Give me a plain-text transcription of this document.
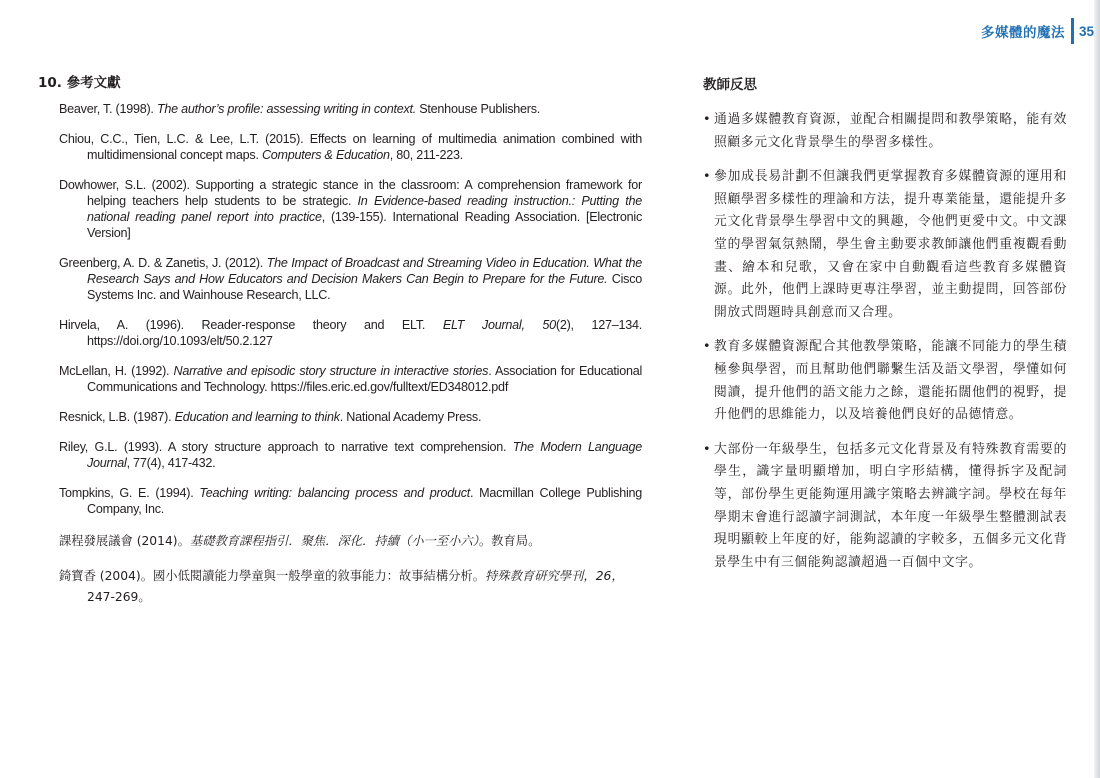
多媒體的魔法 35
10. 參考文獻

Beaver, T. (1998). The author’s profile: assessing writing in context. Stenhouse Publishers.

Chiou, C.C., Tien, L.C. & Lee, L.T. (2015). Effects on learning of multimedia animation combined with multidimensional concept maps. Computers & Education, 80, 211-223.

Dowhower, S.L. (2002). Supporting a strategic stance in the classroom: A comprehension framework for helping teachers help students to be strategic. In Evidence-based reading instruction.: Putting the national reading panel report into practice, (139-155). International Reading Association. [Electronic Version]

Greenberg, A. D. & Zanetis, J. (2012). The Impact of Broadcast and Streaming Video in Education. What the Research Says and How Educators and Decision Makers Can Begin to Prepare for the Future. Cisco Systems Inc. and Wainhouse Research, LLC.

Hirvela, A. (1996). Reader-response theory and ELT. ELT Journal, 50(2), 127–134. https://doi.org/10.1093/elt/50.2.127

McLellan, H. (1992). Narrative and episodic story structure in interactive stories. Association for Educational Communications and Technology. https://files.eric.ed.gov/fulltext/ED348012.pdf

Resnick, L.B. (1987). Education and learning to think. National Academy Press.

Riley, G.L. (1993). A story structure approach to narrative text comprehension. The Modern Language Journal, 77(4), 417-432.

Tompkins, G. E. (1994). Teaching writing: balancing process and product. Macmillan College Publishing Company, Inc.

課程發展議會 (2014)。基礎教育課程指引．聚焦．深化．持續（小一至小六）。教育局。

錡寶香 (2004)。國小低閱讀能力學童與一般學童的敘事能力：故事結構分析。特殊教育研究學刊，26，247-269。

教師反思
• 通過多媒體教育資源，並配合相關提問和教學策略，能有效照顧多元文化背景學生的學習多樣性。
• 參加成長易計劃不但讓我們更掌握教育多媒體資源的運用和照顧學習多樣性的理論和方法，提升專業能量，還能提升多元文化背景學生學習中文的興趣，令他們更愛中文。中文課堂的學習氣氛熱鬧，學生會主動要求教師讓他們重複觀看動畫、繪本和兒歌，又會在家中自動觀看這些教育多媒體資源。此外，他們上課時更專注學習，並主動提問，回答部份開放式問題時具創意而又合理。
• 教育多媒體資源配合其他教學策略，能讓不同能力的學生積極參與學習，而且幫助他們聯繫生活及語文學習，學懂如何閱讀，提升他們的語文能力之餘，還能拓闊他們的視野，提升他們的思維能力，以及培養他們良好的品德情意。
• 大部份一年級學生，包括多元文化背景及有特殊教育需要的學生，識字量明顯增加，明白字形結構，懂得拆字及配詞等，部份學生更能夠運用識字策略去辨識字詞。學校在每年學期末會進行認讀字詞測試，本年度一年級學生整體測試表現明顯較上年度的好，能夠認讀的字較多，五個多元文化背景學生中有三個能夠認讀超過一百個中文字。
